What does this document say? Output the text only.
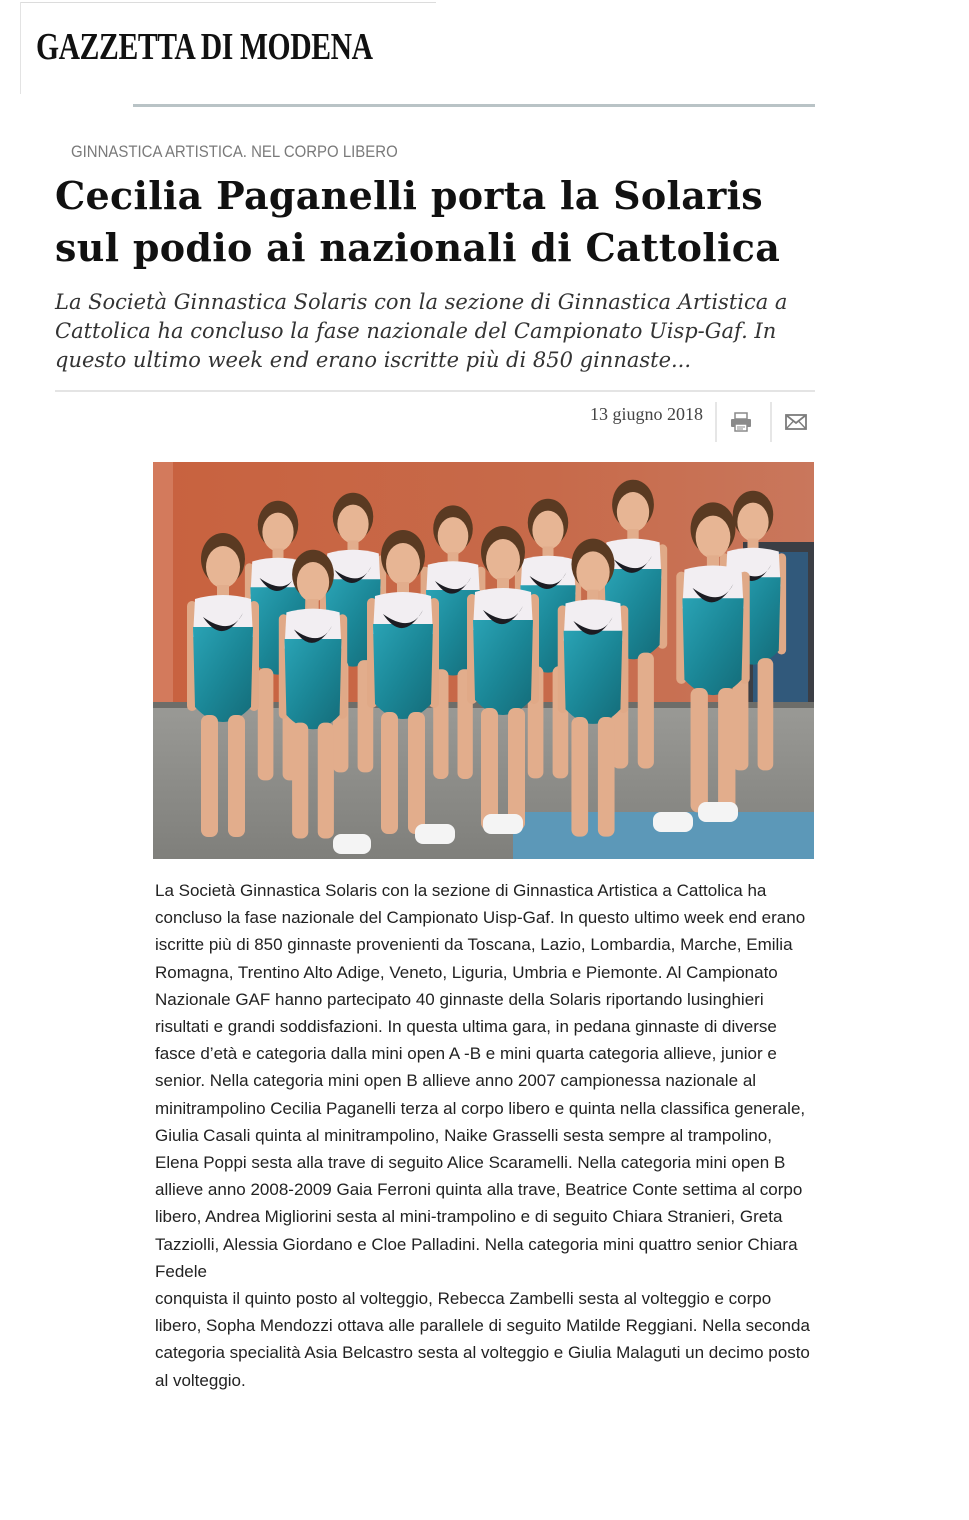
GAZZETTA DI MODENA
GINNASTICA ARTISTICA. NEL CORPO LIBERO
Cecilia Paganelli porta la Solaris sul podio ai nazionali di Cattolica

La Società Ginnastica Solaris con la sezione di Ginnastica Artistica a Cattolica ha concluso la fase nazionale del Campionato Uisp-Gaf. In questo ultimo week end erano iscritte più di 850 ginnaste...

13 giugno 2018

La Società Ginnastica Solaris con la sezione di Ginnastica Artistica a Cattolica ha concluso la fase nazionale del Campionato Uisp-Gaf. In questo ultimo week end erano iscritte più di 850 ginnaste provenienti da Toscana, Lazio, Lombardia, Marche, Emilia Romagna, Trentino Alto Adige, Veneto, Liguria, Umbria e Piemonte. Al Campionato Nazionale GAF hanno partecipato 40 ginnaste della Solaris riportando lusinghieri risultati e grandi soddisfazioni. In questa ultima gara, in pedana ginnaste di diverse fasce d’età e categoria dalla mini open A -B e mini quarta categoria allieve, junior e senior. Nella categoria mini open B allieve anno 2007 campionessa nazionale al minitrampolino Cecilia Paganelli terza al corpo libero e quinta nella classifica generale, Giulia Casali quinta al minitrampolino, Naike Grasselli sesta sempre al trampolino, Elena Poppi sesta alla trave di seguito Alice Scaramelli. Nella categoria mini open B allieve anno 2008-2009 Gaia Ferroni quinta alla trave, Beatrice Conte settima al corpo libero, Andrea Migliorini sesta al mini-trampolino e di seguito Chiara Stranieri, Greta Tazziolli, Alessia Giordano e Cloe Palladini. Nella categoria mini quattro senior Chiara Fedele
conquista il quinto posto al volteggio, Rebecca Zambelli sesta al volteggio e corpo libero, Sopha Mendozzi ottava alle parallele di seguito Matilde Reggiani. Nella seconda categoria specialità Asia Belcastro sesta al volteggio e Giulia Malaguti un decimo posto al volteggio.
